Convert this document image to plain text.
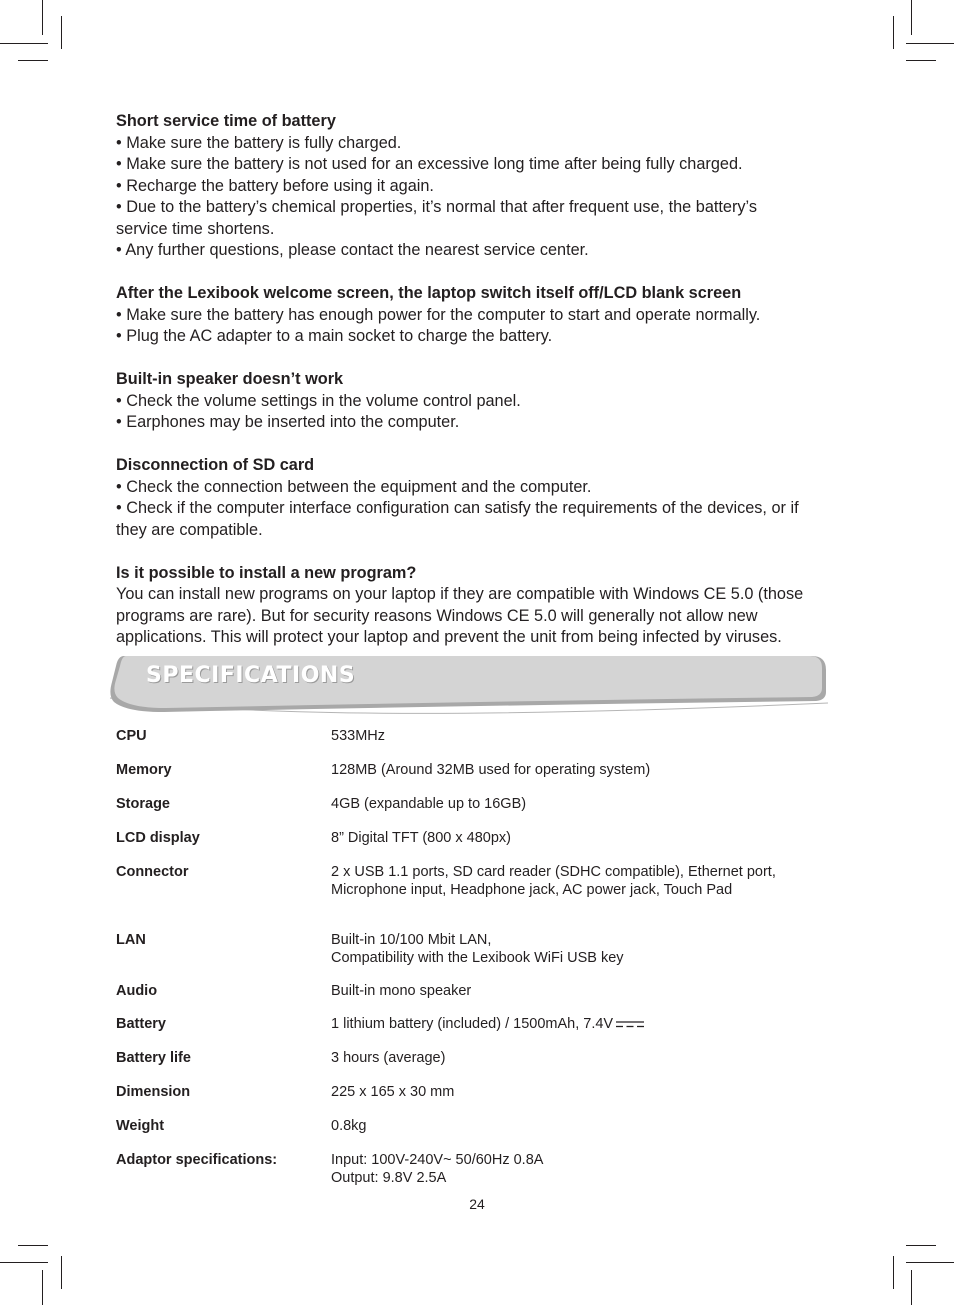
Short service time of battery

• Make sure the battery is fully charged.

• Make sure the battery is not used for an excessive long time after being fully charged.

• Recharge the battery before using it again.

• Due to the battery’s chemical properties, it’s normal that after frequent use, the battery’s

service time shortens.

• Any further questions, please contact the nearest service center.

After the Lexibook welcome screen, the laptop switch itself off/LCD blank screen

• Make sure the battery has enough power for the computer to start and operate normally.

• Plug the AC adapter to a main socket to charge the battery.

Built-in speaker doesn’t work

• Check the volume settings in the volume control panel.

• Earphones may be inserted into the computer.

Disconnection of SD card

• Check the connection between the equipment and the computer.

• Check if the computer interface configuration can satisfy the requirements of the devices, or if

they are compatible.

Is it possible to install a new program?

You can install new programs on your laptop if they are compatible with Windows CE 5.0 (those

programs are rare). But for security reasons Windows CE 5.0 will generally not allow new

applications. This will protect your laptop and prevent the unit from being infected by viruses.

SPECIFICATIONS
CPU	533MHz
Memory	128MB (Around 32MB used for operating system)
Storage	4GB (expandable up to 16GB)
LCD display	8” Digital TFT (800 x 480px)
Connector	2 x USB 1.1 ports, SD card reader (SDHC compatible), Ethernet port,
Microphone input, Headphone jack, AC power jack, Touch Pad
LAN	Built-in 10/100 Mbit LAN,
Compatibility with the Lexibook WiFi USB key
Audio	Built-in mono speaker
Battery	1 lithium battery (included) / 1500mAh, 7.4V
Battery life	3 hours (average)
Dimension	225 x 165 x 30 mm
Weight	0.8kg
Adaptor specifications:	Input: 100V-240V~ 50/60Hz 0.8A
Output: 9.8V 2.5A
24
